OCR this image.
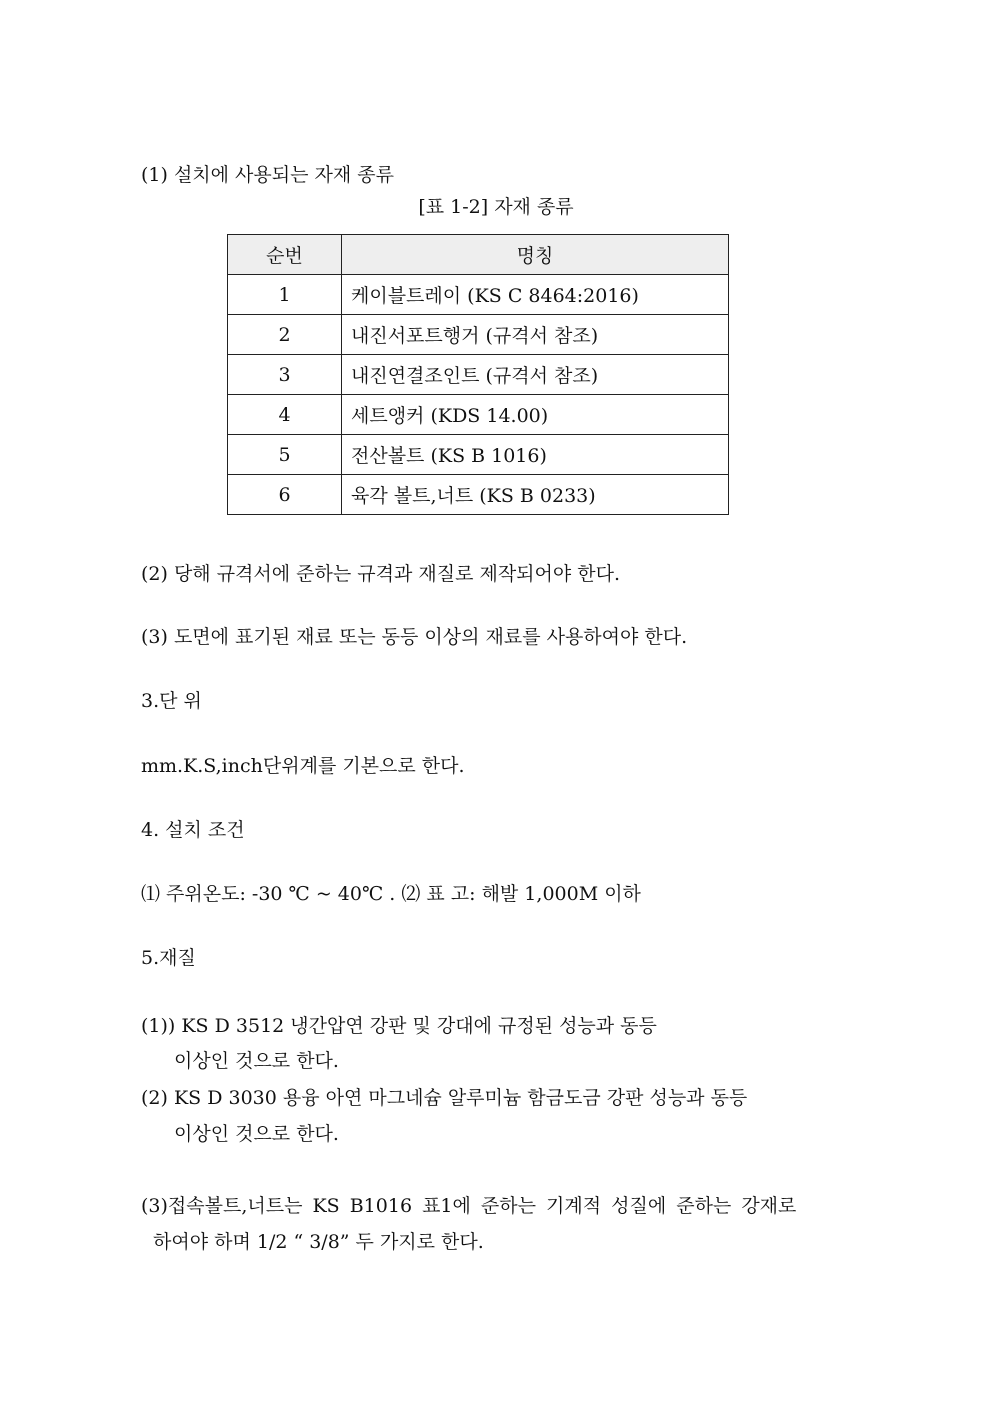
(1) 설치에 사용되는 자재 종류
[표 1-2] 자재 종류
순번	명칭
1	케이블트레이 (KS C 8464:2016)
2	내진서포트행거 (규격서 참조)
3	내진연결조인트 (규격서 참조)
4	세트앵커 (KDS 14.00)
5	전산볼트 (KS B 1016)
6	육각 볼트,너트 (KS B 0233)
(2) 당해 규격서에 준하는 규격과 재질로 제작되어야 한다.
(3) 도면에 표기된 재료 또는 동등 이상의 재료를 사용하여야 한다.
3.단 위
mm.K.S,inch단위계를 기본으로 한다.
4. 설치 조건
⑴ 주위온도: -30 ℃ ~ 40℃ . ⑵ 표 고: 해발 1,000M 이하
5.재질
(1)) KS D 3512 냉간압연 강판 및 강대에 규정된 성능과 동등
이상인 것으로 한다.
(2) KS D 3030 용융 아연 마그네슘 알루미늄 함금도금 강판 성능과 동등
이상인 것으로 한다.
(3)접속볼트,너트는 KS B1016 표1에 준하는 기계적 성질에 준하는 강재로
하여야 하며 1/2 “ 3/8” 두 가지로 한다.
